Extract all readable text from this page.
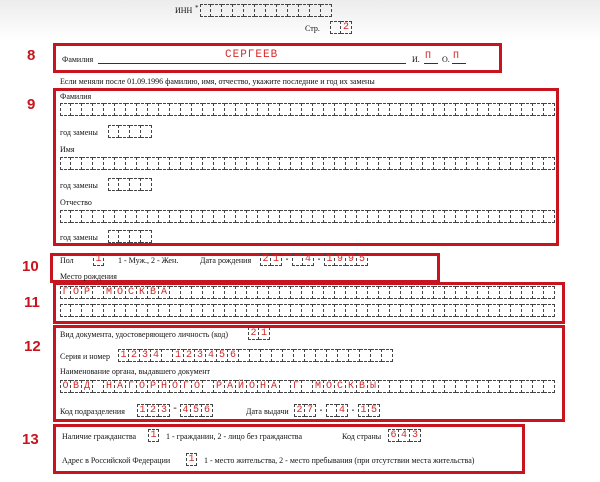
ИНН *
Стр. 2
8
9
10
11
12
13
Фамилия	СЕРГЕЕВ	И. П О. П
Если меняли после 01.09.1996 фамилию, имя, отчество, укажите последние и год их замены
Фамилия
год замены
Имя
год замены
Отчество
год замены
Пол 1	1 - Муж., 2 - Жен.	Дата рождения 2 1 . 4 . 1 9 9 5
Место рождения
Г О Р	М О С К В А
Вид документа, удостоверяющего личность (код) 2 1
Серия и номер 1 2 3 4	1 2 3 4 5 6
Наименование органа, выдавшего документ
О В Д	Н А Г О Р Н О Г О	Р А Й О Н А	Г	М О С К В Ы
Код подразделения 1 2 3 - 4 5 6	Дата выдачи 2 7 . 4 . 1 5
Наличие гражданства 1	1 - гражданин, 2 - лицо без гражданства	Код страны 6 4 3
Адрес в Российской Федерации 1	1 - место жительства, 2 - место пребывания (при отсутствии места жительства)
